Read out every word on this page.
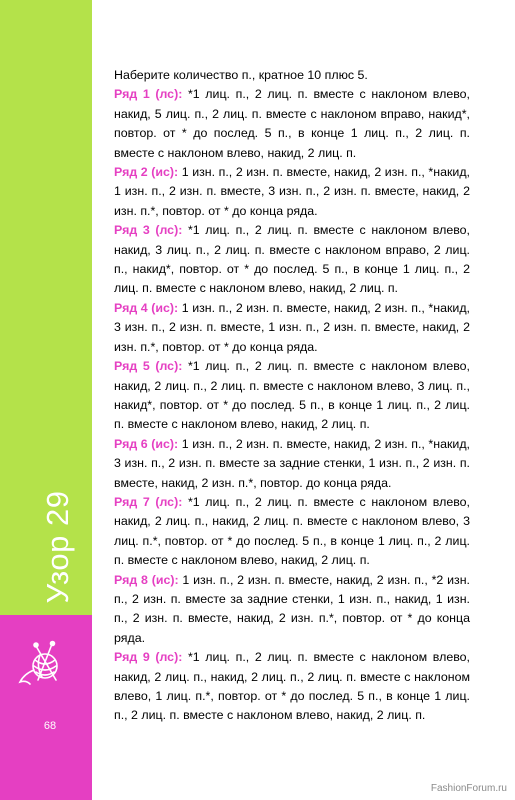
Узор 29
68

Наберите количество п., кратное 10 плюс 5.

Ряд 1 (лс): *1 лиц. п., 2 лиц. п. вместе с наклоном влево, накид, 5 лиц. п., 2 лиц. п. вместе с наклоном вправо, накид*, повтор. от * до послед. 5 п., в конце 1 лиц. п., 2 лиц. п. вместе с наклоном влево, накид, 2 лиц. п.

Ряд 2 (ис): 1 изн. п., 2 изн. п. вместе, накид, 2 изн. п., *накид, 1 изн. п., 2 изн. п. вместе, 3 изн. п., 2 изн. п. вместе, накид, 2 изн. п.*, повтор. от * до конца ряда.

Ряд 3 (лс): *1 лиц. п., 2 лиц. п. вместе с наклоном влево, накид, 3 лиц. п., 2 лиц. п. вместе с наклоном вправо, 2 лиц. п., накид*, повтор. от * до послед. 5 п., в конце 1 лиц. п., 2 лиц. п. вместе с наклоном влево, накид, 2 лиц. п.

Ряд 4 (ис): 1 изн. п., 2 изн. п. вместе, накид, 2 изн. п., *накид, 3 изн. п., 2 изн. п. вместе, 1 изн. п., 2 изн. п. вместе, накид, 2 изн. п.*, повтор. от * до конца ряда.

Ряд 5 (лс): *1 лиц. п., 2 лиц. п. вместе с наклоном влево, накид, 2 лиц. п., 2 лиц. п. вместе с наклоном влево, 3 лиц. п., накид*, повтор. от * до послед. 5 п., в конце 1 лиц. п., 2 лиц. п. вместе с наклоном влево, накид, 2 лиц. п.

Ряд 6 (ис): 1 изн. п., 2 изн. п. вместе, накид, 2 изн. п., *накид, 3 изн. п., 2 изн. п. вместе за задние стенки, 1 изн. п., 2 изн. п. вместе, накид, 2 изн. п.*, повтор. до конца ряда.

Ряд 7 (лс): *1 лиц. п., 2 лиц. п. вместе с наклоном влево, накид, 2 лиц. п., накид, 2 лиц. п. вместе с наклоном влево, 3 лиц. п.*, повтор. от * до послед. 5 п., в конце 1 лиц. п., 2 лиц. п. вместе с наклоном влево, накид, 2 лиц. п.

Ряд 8 (ис): 1 изн. п., 2 изн. п. вместе, накид, 2 изн. п., *2 изн. п., 2 изн. п. вместе за задние стенки, 1 изн. п., накид, 1 изн. п., 2 изн. п. вместе, накид, 2 изн. п.*, повтор. от * до конца ряда.

Ряд 9 (лс): *1 лиц. п., 2 лиц. п. вместе с наклоном влево, накид, 2 лиц. п., накид, 2 лиц. п., 2 лиц. п. вместе с наклоном влево, 1 лиц. п.*, повтор. от * до послед. 5 п., в конце 1 лиц. п., 2 лиц. п. вместе с наклоном влево, накид, 2 лиц. п.

FashionForum.ru
